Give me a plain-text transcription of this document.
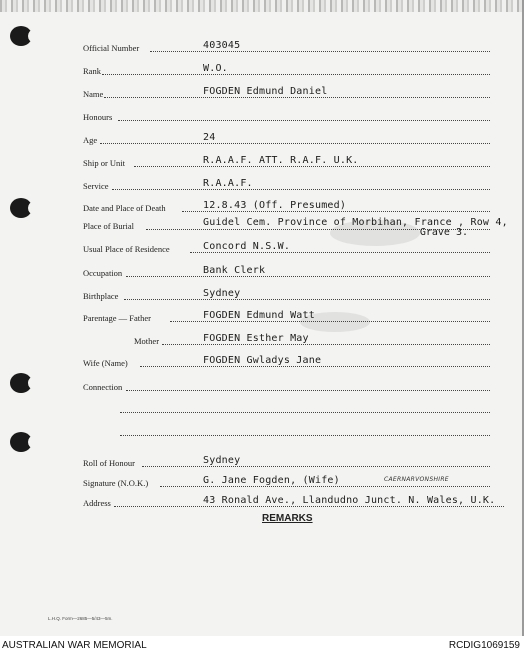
Official Number	403045
Rank	W.O.
Name	FOGDEN Edmund Daniel
Honours
Age	24
Ship or Unit	R.A.A.F. ATT. R.A.F. U.K.
Service	R.A.A.F.
Date and Place of Death	12.8.43 (Off. Presumed)
Place of Burial	Guidel Cem. Province of Morbihan, France , Row 4,
Grave 3.
Usual Place of Residence	Concord N.S.W.
Occupation	Bank Clerk
Birthplace	Sydney
Parentage — Father	FOGDEN Edmund Watt
Mother	FOGDEN Esther May
Wife (Name)	FOGDEN Gwladys Jane
Connection
Roll of Honour	Sydney
Signature (N.O.K.)	G. Jane Fogden, (Wife)	CAERNARVONSHIRE
Address	43 Ronald Ave., Llandudno Junct. N. Wales, U.K.
REMARKS
L.H.Q. Form—2685—5/43—5m.
AUSTRALIAN WAR MEMORIAL	RCDIG1069159
